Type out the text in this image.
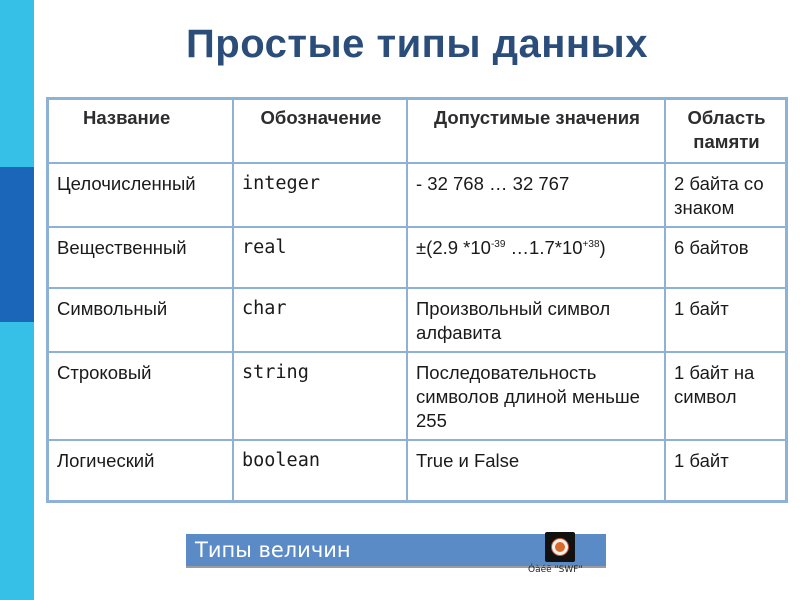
Простые типы данных
Название	Обозначение	Допустимые значения	Область памяти
Целочисленный	integer	- 32 768 … 32 767	2 байта со знаком
Вещественный	real	±(2.9 $*10^{-39}$ $\dots 1.7*10^{+38}$)	6 байтов
Символьный	char	Произвольный символ алфавита	1 байт
Строковый	string	Последовательность символов длиной меньше 255	1 байт на символ
Логический	boolean	True и False	1 байт
Типы величин
Óàéë "SWF"
